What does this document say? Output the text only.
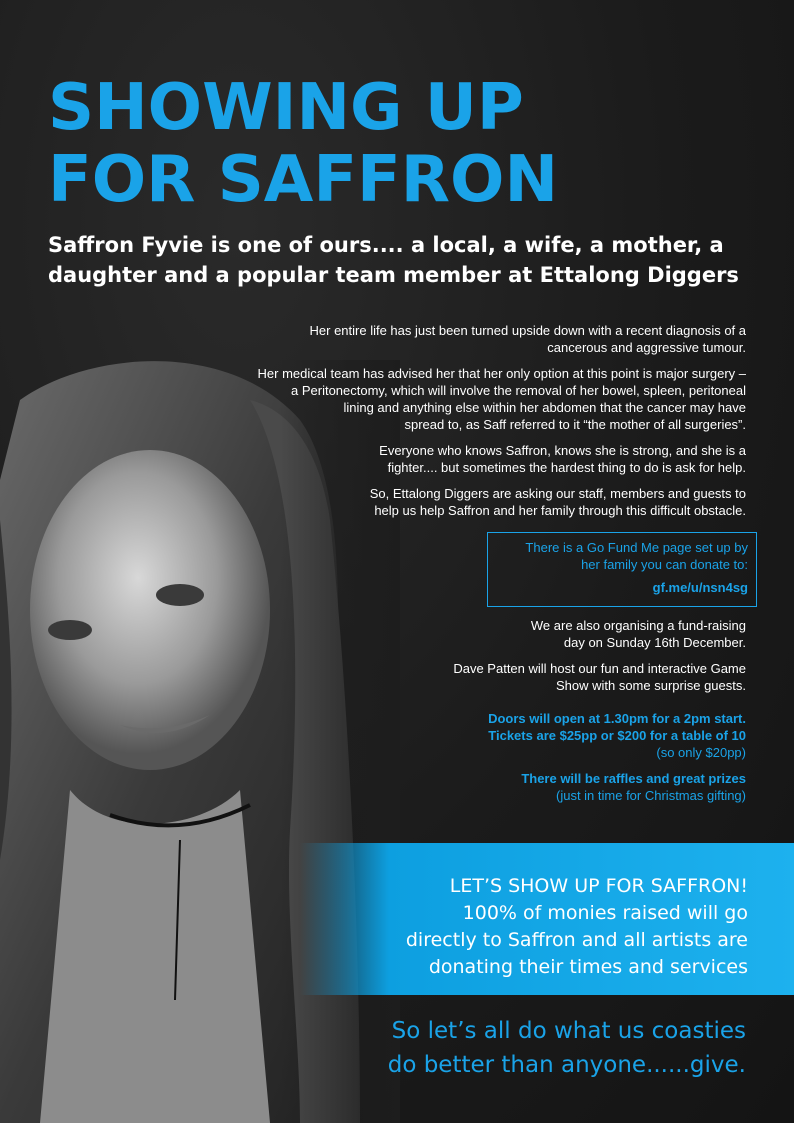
SHOWING UP
FOR SAFFRON
Saffron Fyvie is one of ours.... a local, a wife, a mother, a
daughter and a popular team member at Ettalong Diggers

Her entire life has just been turned upside down with a recent diagnosis of a
cancerous and aggressive tumour.

Her medical team has advised her that her only option at this point is major surgery –
a Peritonectomy, which will involve the removal of her bowel, spleen, peritoneal
lining and anything else within her abdomen that the cancer may have
spread to, as Saff referred to it “the mother of all surgeries”.

Everyone who knows Saffron, knows she is strong, and she is a
fighter.... but sometimes the hardest thing to do is ask for help.

So, Ettalong Diggers are asking our staff, members and guests to
help us help Saffron and her family through this difficult obstacle.

There is a Go Fund Me page set up by
her family you can donate to:
gf.me/u/nsn4sg

We are also organising a fund-raising
day on Sunday 16th December.

Dave Patten will host our fun and interactive Game
Show with some surprise guests.

Doors will open at 1.30pm for a 2pm start.
Tickets are $25pp or $200 for a table of 10
(so only $20pp)

There will be raffles and great prizes
(just in time for Christmas gifting)

LET’S SHOW UP FOR SAFFRON!
100% of monies raised will go
directly to Saffron and all artists are
donating their times and services
So let’s all do what us coasties
do better than anyone......give.
